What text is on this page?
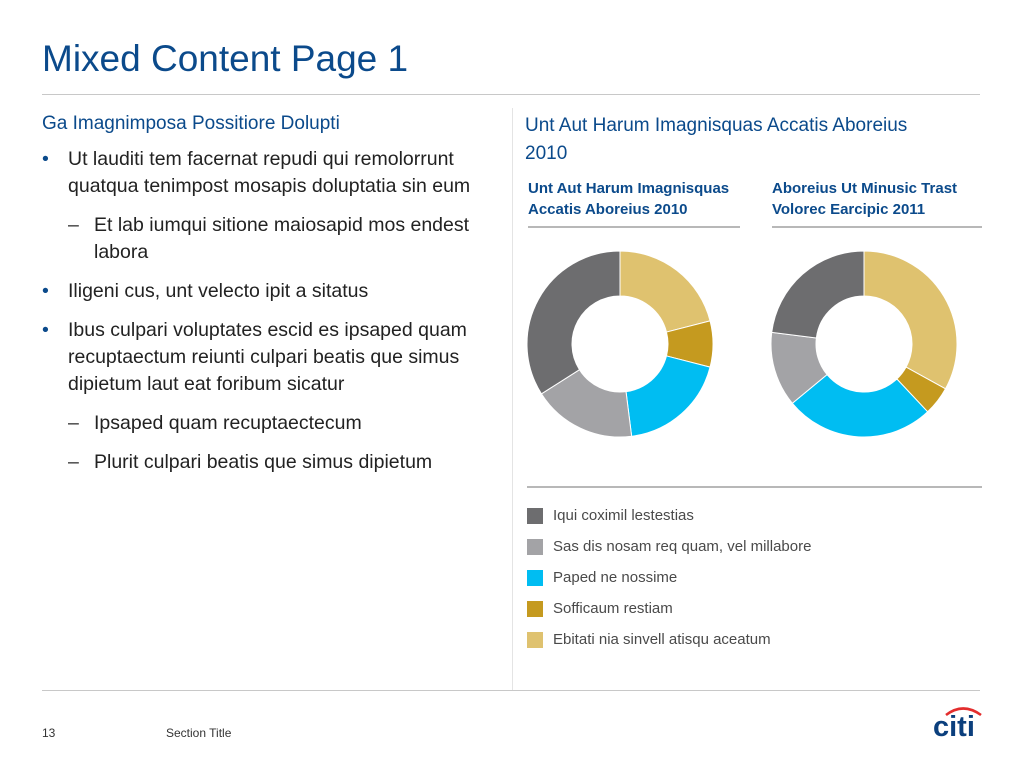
Mixed Content Page 1

Ga Imagnimposa Possitiore Dolupti

• Ut lauditi tem facernat repudi qui remolorrunt quatqua tenimpost mosapis doluptatia sin eum
– Et lab iumqui sitione maiosapid mos endest labora
• Iligeni cus, unt velecto ipit a sitatus
• Ibus culpari voluptates escid es ipsaped quam recuptaectum reiunti culpari beatis que simus dipietum laut eat foribum sicatur
– Ipsaped quam recuptaectecum
– Plurit culpari beatis que simus dipietum
Unt Aut Harum Imagnisquas Accatis Aboreius 2010
Unt Aut Harum Imagnisquas Accatis Aboreius 2010
Aboreius Ut Minusic Trast Volorec Earcipic 2011
Iqui coximil lestestias
Sas dis nosam req quam, vel millabore
Paped ne nossime
Sofficaum restiam
Ebitati nia sinvell atisqu aceatum
13	Section Title	citi
